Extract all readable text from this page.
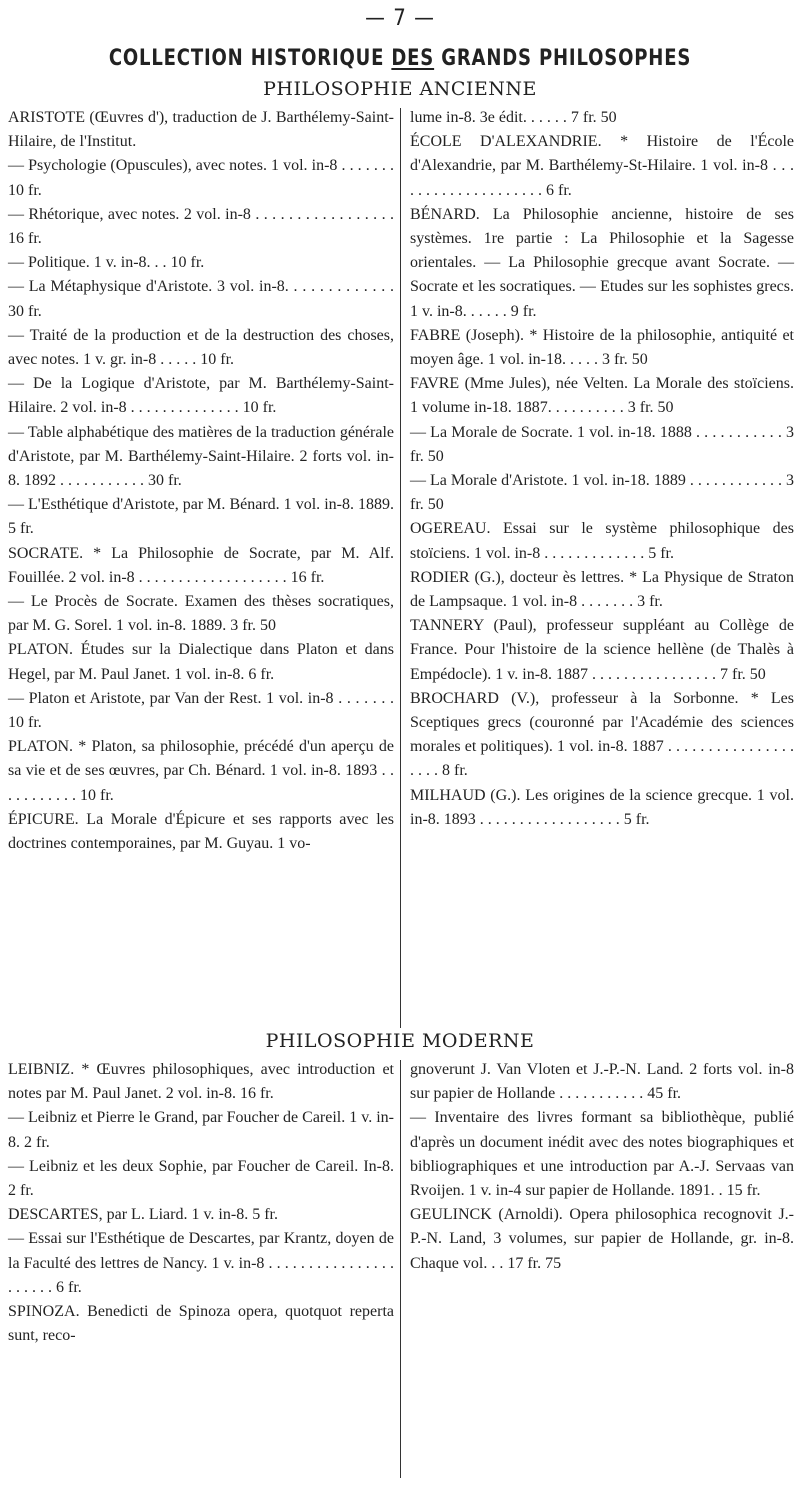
— 7 —
COLLECTION HISTORIQUE DES GRANDS PHILOSOPHES
PHILOSOPHIE ANCIENNE

ARISTOTE (Œuvres d'), traduction de J. Barthélemy-Saint-Hilaire, de l'Institut.

— Psychologie (Opuscules), avec notes. 1 vol. in-8 . . . . . . . 10 fr.

— Rhétorique, avec notes. 2 vol. in-8 . . . . . . . . . . . . . . . . . 16 fr.

— Politique. 1 v. in-8. . . 10 fr.

— La Métaphysique d'Aristote. 3 vol. in-8. . . . . . . . . . . . . 30 fr.

— Traité de la production et de la destruction des choses, avec notes. 1 v. gr. in-8 . . . . . 10 fr.

— De la Logique d'Aristote, par M. Barthélemy-Saint-Hilaire. 2 vol. in-8 . . . . . . . . . . . . . . 10 fr.

— Table alphabétique des matières de la traduction générale d'Aristote, par M. Barthélemy-Saint-Hilaire. 2 forts vol. in-8. 1892 . . . . . . . . . . . 30 fr.

— L'Esthétique d'Aristote, par M. Bénard. 1 vol. in-8. 1889. 5 fr.

SOCRATE. * La Philosophie de Socrate, par M. Alf. Fouillée. 2 vol. in-8 . . . . . . . . . . . . . . . . . . . 16 fr.

— Le Procès de Socrate. Examen des thèses socratiques, par M. G. Sorel. 1 vol. in-8. 1889. 3 fr. 50

PLATON. Études sur la Dialectique dans Platon et dans Hegel, par M. Paul Janet. 1 vol. in-8. 6 fr.

— Platon et Aristote, par Van der Rest. 1 vol. in-8 . . . . . . . 10 fr.

PLATON. * Platon, sa philosophie, précédé d'un aperçu de sa vie et de ses œuvres, par Ch. Bénard. 1 vol. in-8. 1893 . . . . . . . . . . . 10 fr.

ÉPICURE. La Morale d'Épicure et ses rapports avec les doctrines contemporaines, par M. Guyau. 1 vo-

lume in-8. 3e édit. . . . . . 7 fr. 50

ÉCOLE D'ALEXANDRIE. * Histoire de l'École d'Alexandrie, par M. Barthélemy-St-Hilaire. 1 vol. in-8 . . . . . . . . . . . . . . . . . . . . 6 fr.

BÉNARD. La Philosophie ancienne, histoire de ses systèmes. 1re partie : La Philosophie et la Sagesse orientales. — La Philosophie grecque avant Socrate. — Socrate et les socratiques. — Etudes sur les sophistes grecs. 1 v. in-8. . . . . . 9 fr.

FABRE (Joseph). * Histoire de la philosophie, antiquité et moyen âge. 1 vol. in-18. . . . . 3 fr. 50

FAVRE (Mme Jules), née Velten. La Morale des stoïciens. 1 volume in-18. 1887. . . . . . . . . . 3 fr. 50

— La Morale de Socrate. 1 vol. in-18. 1888 . . . . . . . . . . . 3 fr. 50

— La Morale d'Aristote. 1 vol. in-18. 1889 . . . . . . . . . . . . 3 fr. 50

OGEREAU. Essai sur le système philosophique des stoïciens. 1 vol. in-8 . . . . . . . . . . . . . 5 fr.

RODIER (G.), docteur ès lettres. * La Physique de Straton de Lampsaque. 1 vol. in-8 . . . . . . . 3 fr.

TANNERY (Paul), professeur suppléant au Collège de France. Pour l'histoire de la science hellène (de Thalès à Empédocle). 1 v. in-8. 1887 . . . . . . . . . . . . . . . . 7 fr. 50

BROCHARD (V.), professeur à la Sorbonne. * Les Sceptiques grecs (couronné par l'Académie des sciences morales et politiques). 1 vol. in-8. 1887 . . . . . . . . . . . . . . . . . . . . 8 fr.

MILHAUD (G.). Les origines de la science grecque. 1 vol. in-8. 1893 . . . . . . . . . . . . . . . . . . 5 fr.

PHILOSOPHIE MODERNE

LEIBNIZ. * Œuvres philosophiques, avec introduction et notes par M. Paul Janet. 2 vol. in-8. 16 fr.

— Leibniz et Pierre le Grand, par Foucher de Careil. 1 v. in-8. 2 fr.

— Leibniz et les deux Sophie, par Foucher de Careil. In-8. 2 fr.

DESCARTES, par L. Liard. 1 v. in-8. 5 fr.

— Essai sur l'Esthétique de Descartes, par Krantz, doyen de la Faculté des lettres de Nancy. 1 v. in-8 . . . . . . . . . . . . . . . . . . . . . . 6 fr.

SPINOZA. Benedicti de Spinoza opera, quotquot reperta sunt, reco-

gnoverunt J. Van Vloten et J.-P.-N. Land. 2 forts vol. in-8 sur papier de Hollande . . . . . . . . . . . 45 fr.

— Inventaire des livres formant sa bibliothèque, publié d'après un document inédit avec des notes biographiques et bibliographiques et une introduction par A.-J. Servaas van Rvoijen. 1 v. in-4 sur papier de Hollande. 1891. . 15 fr.

GEULINCK (Arnoldi). Opera philosophica recognovit J.-P.-N. Land, 3 volumes, sur papier de Hollande, gr. in-8. Chaque vol. . . 17 fr. 75
